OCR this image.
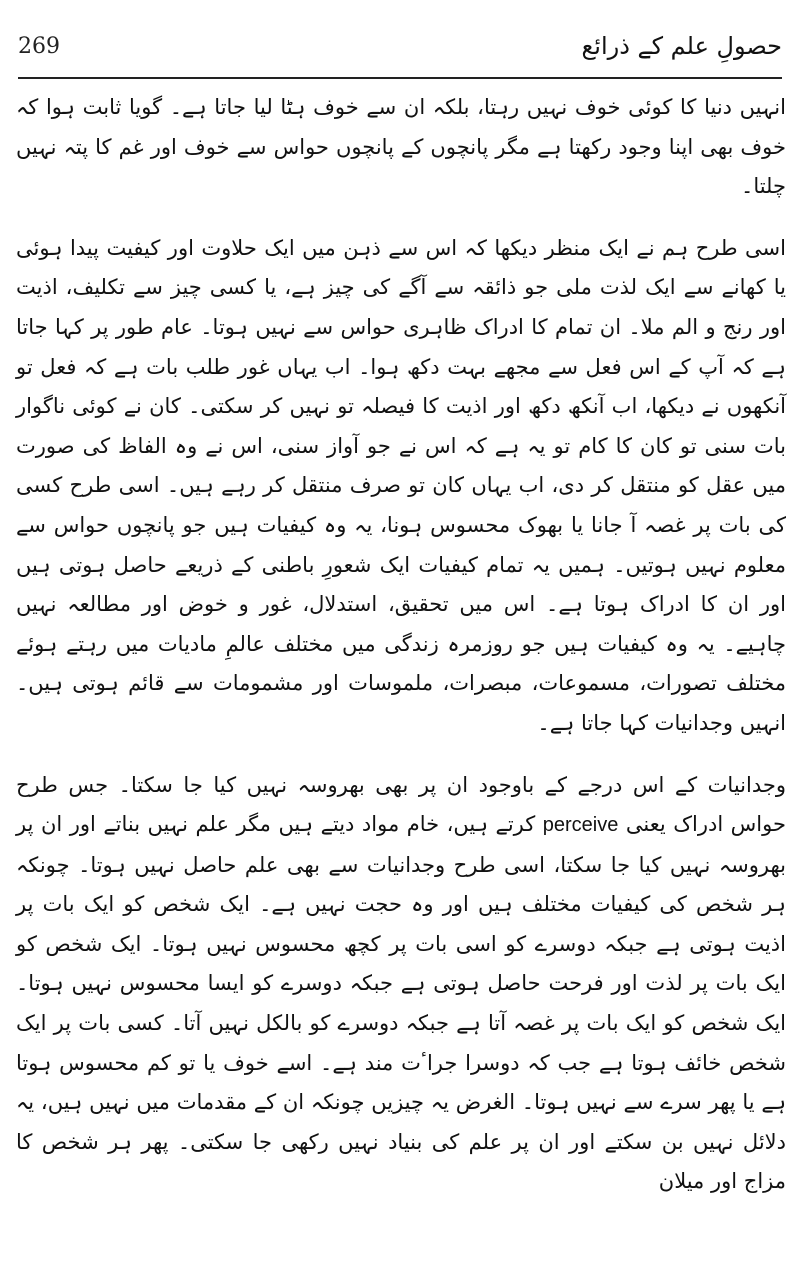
269	حصولِ علم کے ذرائع

انہیں دنیا کا کوئی خوف نہیں رہتا، بلکہ ان سے خوف ہٹا لیا جاتا ہے۔ گویا ثابت ہوا کہ خوف بھی اپنا وجود رکھتا ہے مگر پانچوں کے پانچوں حواس سے خوف اور غم کا پتہ نہیں چلتا۔

اسی طرح ہم نے ایک منظر دیکھا کہ اس سے ذہن میں ایک حلاوت اور کیفیت پیدا ہوئی یا کھانے سے ایک لذت ملی جو ذائقہ سے آگے کی چیز ہے، یا کسی چیز سے تکلیف، اذیت اور رنج و الم ملا۔ ان تمام کا ادراک ظاہری حواس سے نہیں ہوتا۔ عام طور پر کہا جاتا ہے کہ آپ کے اس فعل سے مجھے بہت دکھ ہوا۔ اب یہاں غور طلب بات ہے کہ فعل تو آنکھوں نے دیکھا، اب آنکھ دکھ اور اذیت کا فیصلہ تو نہیں کر سکتی۔ کان نے کوئی ناگوار بات سنی تو کان کا کام تو یہ ہے کہ اس نے جو آواز سنی، اس نے وہ الفاظ کی صورت میں عقل کو منتقل کر دی، اب یہاں کان تو صرف منتقل کر رہے ہیں۔ اسی طرح کسی کی بات پر غصہ آ جانا یا بھوک محسوس ہونا، یہ وہ کیفیات ہیں جو پانچوں حواس سے معلوم نہیں ہوتیں۔ ہمیں یہ تمام کیفیات ایک شعورِ باطنی کے ذریعے حاصل ہوتی ہیں اور ان کا ادراک ہوتا ہے۔ اس میں تحقیق، استدلال، غور و خوض اور مطالعہ نہیں چاہیے۔ یہ وہ کیفیات ہیں جو روزمرہ زندگی میں مختلف عالمِ مادیات میں رہتے ہوئے مختلف تصورات، مسموعات، مبصرات، ملموسات اور مشمومات سے قائم ہوتی ہیں۔ انہیں وجدانیات کہا جاتا ہے۔

وجدانیات کے اس درجے کے باوجود ان پر بھی بھروسہ نہیں کیا جا سکتا۔ جس طرح حواس ادراک یعنی perceive کرتے ہیں، خام مواد دیتے ہیں مگر علم نہیں بناتے اور ان پر بھروسہ نہیں کیا جا سکتا، اسی طرح وجدانیات سے بھی علم حاصل نہیں ہوتا۔ چونکہ ہر شخص کی کیفیات مختلف ہیں اور وہ حجت نہیں ہے۔ ایک شخص کو ایک بات پر اذیت ہوتی ہے جبکہ دوسرے کو اسی بات پر کچھ محسوس نہیں ہوتا۔ ایک شخص کو ایک بات پر لذت اور فرحت حاصل ہوتی ہے جبکہ دوسرے کو ایسا محسوس نہیں ہوتا۔ ایک شخص کو ایک بات پر غصہ آتا ہے جبکہ دوسرے کو بالکل نہیں آتا۔ کسی بات پر ایک شخص خائف ہوتا ہے جب کہ دوسرا جراٴت مند ہے۔ اسے خوف یا تو کم محسوس ہوتا ہے یا پھر سرے سے نہیں ہوتا۔ الغرض یہ چیزیں چونکہ ان کے مقدمات میں نہیں ہیں، یہ دلائل نہیں بن سکتے اور ان پر علم کی بنیاد نہیں رکھی جا سکتی۔ پھر ہر شخص کا مزاج اور میلان
